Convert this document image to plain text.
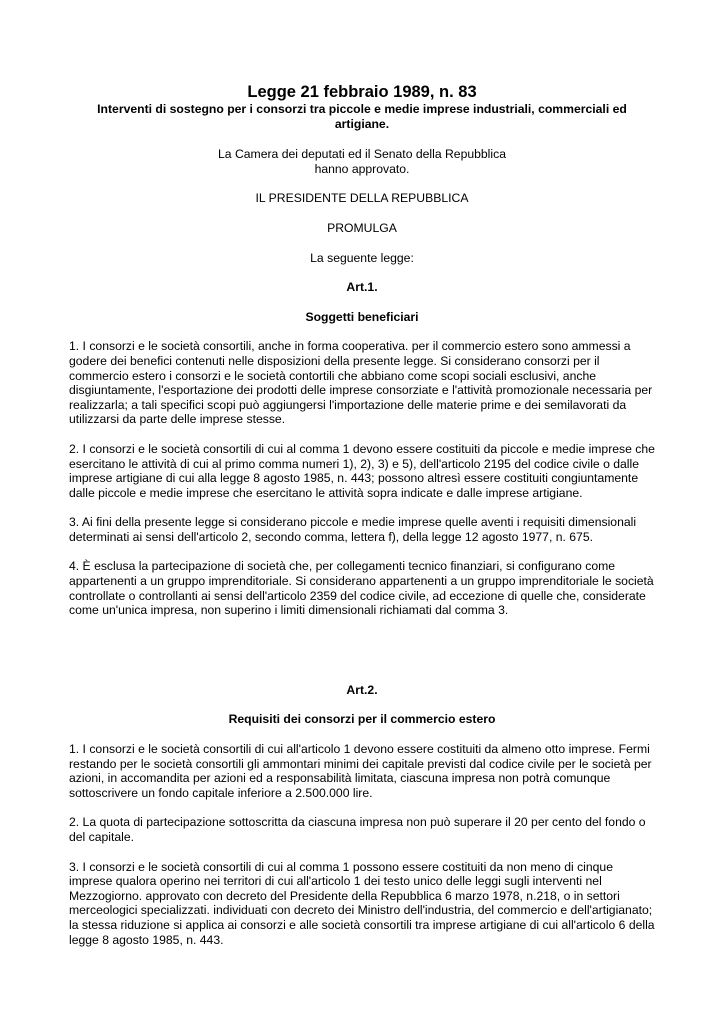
Legge 21 febbraio 1989, n. 83

Interventi di sostegno per i consorzi tra piccole e medie imprese industriali, commerciali ed artigiane.

La Camera dei deputati ed il Senato della Repubblica

hanno approvato.

IL PRESIDENTE DELLA REPUBBLICA

PROMULGA

La seguente legge:

Art.1.

Soggetti beneficiari

1. I consorzi e le società consortili, anche in forma cooperativa. per il commercio estero sono ammessi a godere dei benefici contenuti nelle disposizioni della presente legge. Si considerano consorzi per il commercio estero i consorzi e le società contortili che abbiano come scopi sociali esclusivi, anche disgiuntamente, l'esportazione dei prodotti delle imprese consorziate e l'attività promozionale necessaria per realizzarla; a tali specifici scopi può aggiungersi l'importazione delle materie prime e dei semilavorati da utilizzarsi da parte delle imprese stesse.

2. I consorzi e le società consortili di cui al comma 1 devono essere costituiti da piccole e medie imprese che esercitano le attività di cui al primo comma numeri 1), 2), 3) e 5), dell'articolo 2195 del codice civile o dalle imprese artigiane di cui alla legge 8 agosto 1985, n. 443; possono altresì essere costituiti congiuntamente dalle piccole e medie imprese che esercitano le attività sopra indicate e dalle imprese artigiane.

3. Ai fini della presente legge si considerano piccole e medie imprese quelle aventi i requisiti dimensionali determinati ai sensi dell'articolo 2, secondo comma, lettera f), della legge 12 agosto 1977, n. 675.

4. È esclusa la partecipazione di società che, per collegamenti tecnico finanziari, si configurano come appartenenti a un gruppo imprenditoriale. Si considerano appartenenti a un gruppo imprenditoriale le società controllate o controllanti ai sensi dell'articolo 2359 del codice civile, ad eccezione di quelle che, considerate come un'unica impresa, non superino i limiti dimensionali richiamati dal comma 3.

Art.2.

Requisiti dei consorzi per il commercio estero

1. I consorzi e le società consortili di cui all'articolo 1 devono essere costituiti da almeno otto imprese. Fermi restando per le società consortili gli ammontari minimi dei capitale previsti dal codice civile per le società per azioni, in accomandita per azioni ed a responsabilità limitata, ciascuna impresa non potrà comunque sottoscrivere un fondo capitale inferiore a 2.500.000 lire.

2. La quota di partecipazione sottoscritta da ciascuna impresa non può superare il 20 per cento del fondo o del capitale.

3. I consorzi e le società consortili di cui al comma 1 possono essere costituiti da non meno di cinque imprese qualora operino nei territori di cui all'articolo 1 dei testo unico delle leggi sugli interventi nel Mezzogiorno. approvato con decreto del Presidente della Repubblica 6 marzo 1978, n.218, o in settori merceologici specializzati. individuati con decreto dei Ministro dell'industria, del commercio e dell'artigianato; la stessa riduzione si applica ai consorzi e alle società consortili tra imprese artigiane di cui all'articolo 6 della legge 8 agosto 1985, n. 443.
